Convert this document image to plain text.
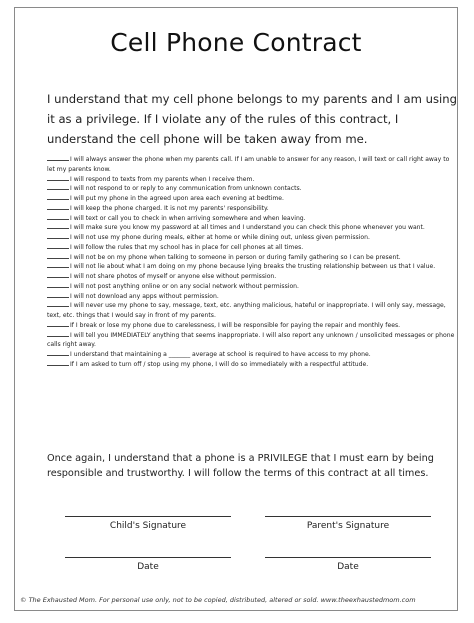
Cell Phone Contract
I understand that my cell phone belongs to my parents and I am using it as a privilege. If I violate any of the rules of this contract, I understand the cell phone will be taken away from me.
I will always answer the phone when my parents call. If I am unable to answer for any reason, I will text or call right away to let my parents know.
I will respond to texts from my parents when I receive them.
I will not respond to or reply to any communication from unknown contacts.
I will put my phone in the agreed upon area each evening at bedtime.
I will keep the phone charged. It is not my parents' responsibility.
I will text or call you to check in when arriving somewhere and when leaving.
I will make sure you know my password at all times and I understand you can check this phone whenever you want.
I will not use my phone during meals, either at home or while dining out, unless given permission.
I will follow the rules that my school has in place for cell phones at all times.
I will not be on my phone when talking to someone in person or during family gathering so I can be present.
I will not lie about what I am doing on my phone because lying breaks the trusting relationship between us that I value.
I will not share photos of myself or anyone else without permission.
I will not post anything online or on any social network without permission.
I will not download any apps without permission.
I will never use my phone to say, message, text, etc. anything malicious, hateful or inappropriate. I will only say, message, text, etc. things that I would say in front of my parents.
If I break or lose my phone due to carelessness, I will be responsible for paying the repair and monthly fees.
I will tell you IMMEDIATELY anything that seems inappropriate. I will also report any unknown / unsolicited messages or phone calls right away.
I understand that maintaining a _______ average at school is required to have access to my phone.
If I am asked to turn off / stop using my phone, I will do so immediately with a respectful attitude.
Once again, I understand that a phone is a PRIVILEGE that I must earn by being responsible and trustworthy. I will follow the terms of this contract at all times.
Child's Signature	Parent's Signature
Date	Date
© The Exhausted Mom. For personal use only, not to be copied, distributed, altered or sold. www.theexhaustedmom.com
